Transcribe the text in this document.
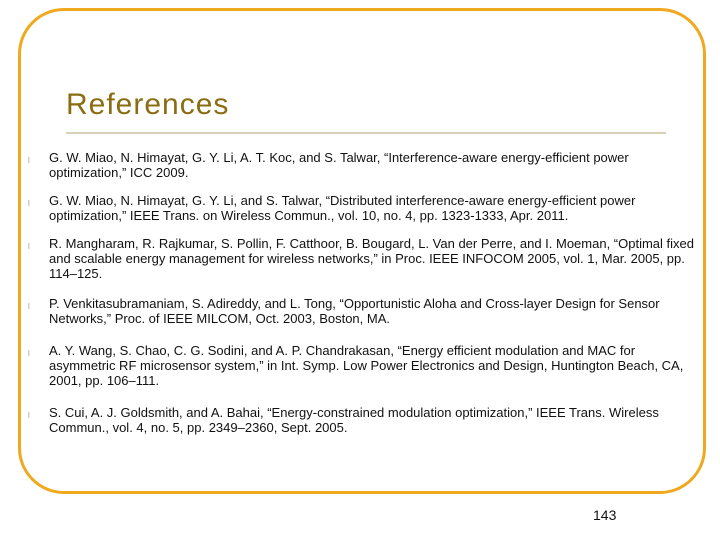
References
l G. W. Miao, N. Himayat, G. Y. Li, A. T. Koc, and S. Talwar, “Interference-aware energy-efficient power optimization,” ICC 2009.
l G. W. Miao, N. Himayat, G. Y. Li, and S. Talwar, “Distributed interference-aware energy-efficient power optimization,” IEEE Trans. on Wireless Commun., vol. 10, no. 4, pp. 1323-1333, Apr. 2011.
l R. Mangharam, R. Rajkumar, S. Pollin, F. Catthoor, B. Bougard, L. Van der Perre, and I. Moeman, “Optimal fixed and scalable energy management for wireless networks,” in Proc. IEEE INFOCOM 2005, vol. 1, Mar. 2005, pp. 114–125.
l P. Venkitasubramaniam, S. Adireddy, and L. Tong, “Opportunistic Aloha and Cross-layer Design for Sensor Networks,” Proc. of IEEE MILCOM, Oct. 2003, Boston, MA.
l A. Y. Wang, S. Chao, C. G. Sodini, and A. P. Chandrakasan, “Energy efficient modulation and MAC for asymmetric RF microsensor system,” in Int. Symp. Low Power Electronics and Design, Huntington Beach, CA, 2001, pp. 106–111.
l S. Cui, A. J. Goldsmith, and A. Bahai, “Energy-constrained modulation optimization,” IEEE Trans. Wireless Commun., vol. 4, no. 5, pp. 2349–2360, Sept. 2005.
143
